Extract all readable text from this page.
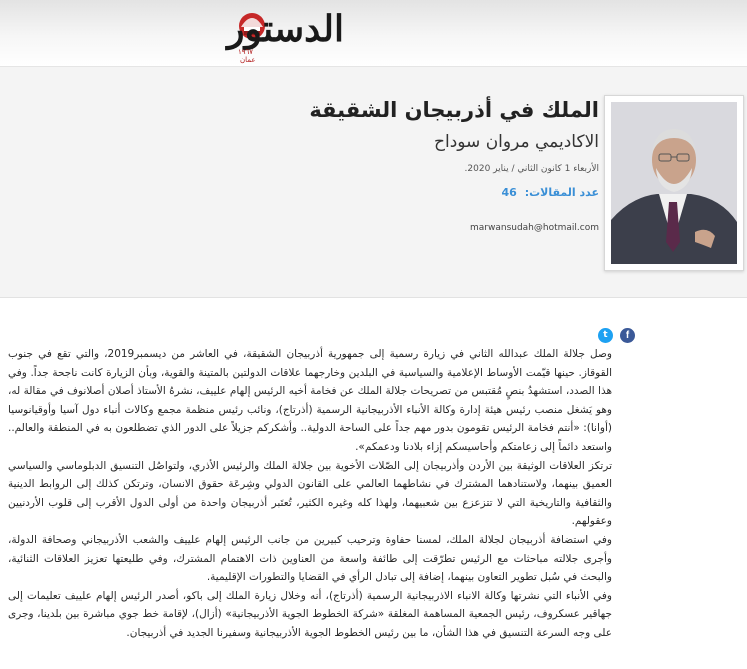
الدستور
١٩٦٧
عمان
الملك في أذربيجان الشقيقة
الاكاديمي مروان سوداح
الأربعاء 1 كانون الثاني / يناير 2020.
عدد المقالات: 46
marwansudah@hotmail.com
f t

وصل جلالة الملك عبدالله الثاني في زيارة رسمية إلى جمهورية أذربيجان الشقيقة، في العاشر من ديسمبر2019، والتي تقع في جنوب القوقاز. حينها قيّمت الأوساط الإعلامية والسياسية في البلدين وخارجهما علاقات الدولتين بالمتينة والقوية، وبأن الزيارة كانت ناجحة جداً. وفي هذا الصدد، استشهدُ بنصٍ مُقتبس من تصريحات جلالة الملك عن فخامة أخيه الرئيس إلهام علييف، نشرهُ الأستاذ أصلان أصلانوف في مقالة له، وهو يَشغل منصب رئيس هيئة إدارة وكالة الأنباء الأذربيجانية الرسمية (أذرتاج)، ونائب رئيس منظمة مجمع وكالات أنباء دول آسيا وأوقيانوسيا (أوانا): «أنتم فخامة الرئيس تقومون بدور مهم جداً على الساحة الدولية.. وأشكركم جزيلاً على الدور الذي تضطلعون به في المنطقة والعالم.. واستعد دائماً إلى زعامتكم وأحاسيسكم إزاء بلادنا ودعمكم».

ترتكز العلاقات الوثيقة بين الأردن وأذربيجان إلى الصّلات الأخوية بين جلالة الملك والرئيس الأذري، ولتواصُل التنسيق الدبلوماسي والسياسي العميق بينهما، ولاستنادهما المشترك في نشاطهما العالمي على القانون الدولي وشِرعَة حقوق الانسان، وترتكن كذلك إلى الروابط الدينية والثقافية والتاريخية التي لا تتزعزع بين شعبيهما، ولهذا كله وغيره الكثير، تُعتَبر أذربيجان واحدة من أولى الدول الأقرب إلى قلوب الأردنيين وعقولهم.

وفي استضافة أذربيجان لجلالة الملك، لمسنا حفاوة وترحيب كبيرين من جانب الرئيس إلهام علييف والشعب الأذربيجاني وصحافة الدولة، وأجرى جلالته مباحثات مع الرئيس تطرّقت إلى طائفة واسعة من العناوين ذات الاهتمام المشترك، وفي طليعتها تعزيز العلاقات الثنائية، والبحث في سُبل تطوير التعاون بينهما، إضافة إلى تبادل الرأي في القضايا والتطورات الإقليمية.

وفي الأنباء التي نشرتها وكالة الانباء الاذربيجانية الرسمية (أذرتاج)، أنه وخلال زيارة الملك إلى باكو، أصدر الرئيس إلهام علييف تعليمات إلى جهاقير عسكروف، رئيس الجمعية المساهمة المغلقة «شركة الخطوط الجوية الأذربيجانية» (أزال)، لإقامة خط جوي مباشرة بين بلدينا، وجرى على وجه السرعة التنسيق في هذا الشأن، ما بين رئيس الخطوط الجوية الأذربيجانية وسفيرنا الجديد في أذربيجان.
